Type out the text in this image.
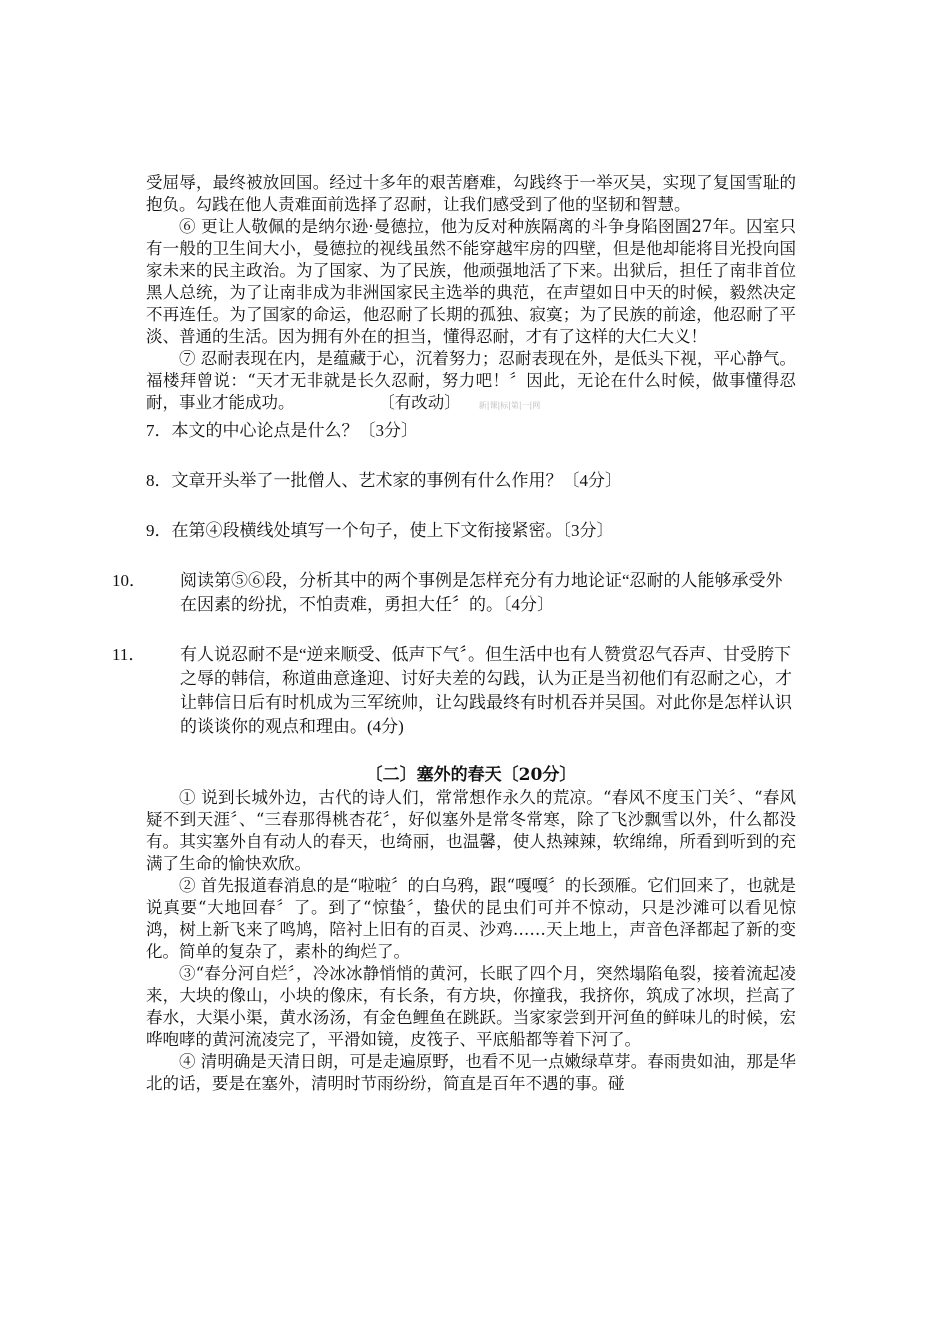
受屈辱，最终被放回国。经过十多年的艰苦磨难，勾践终于一举灭吴，实现了复国雪耻的抱负。勾践在他人责难面前选择了忍耐，让我们感受到了他的坚韧和智慧。

⑥ 更让人敬佩的是纳尔逊·曼德拉，他为反对种族隔离的斗争身陷囹圄27年。囚室只有一般的卫生间大小，曼德拉的视线虽然不能穿越牢房的四壁，但是他却能将目光投向国家未来的民主政治。为了国家、为了民族，他顽强地活了下来。出狱后，担任了南非首位黑人总统，为了让南非成为非洲国家民主选举的典范，在声望如日中天的时候，毅然决定不再连任。为了国家的命运，他忍耐了长期的孤独、寂寞；为了民族的前途，他忍耐了平淡、普通的生活。因为拥有外在的担当，懂得忍耐，才有了这样的大仁大义！

⑦ 忍耐表现在内，是蕴藏于心，沉着努力；忍耐表现在外，是低头下视，平心静气。福楼拜曾说：“天才无非就是长久忍耐，努力吧！〞因此，无论在什么时候，做事懂得忍耐，事业才能成功。	〔有改动〕 新|课|标|第|一|网

7．本文的中心论点是什么？〔3分〕

8．文章开头举了一批僧人、艺术家的事例有什么作用？〔4分〕

9．在第④段横线处填写一个句子，使上下文衔接紧密。〔3分〕

10． 阅读第⑤⑥段，分析其中的两个事例是怎样充分有力地论证“忍耐的人能够承受外在因素的纷扰，不怕责难，勇担大任〞的。〔4分〕

11． 有人说忍耐不是“逆来顺受、低声下气〞。但生活中也有人赞赏忍气吞声、甘受胯下之辱的韩信，称道曲意逢迎、讨好夫差的勾践，认为正是当初他们有忍耐之心，才让韩信日后有时机成为三军统帅，让勾践最终有时机吞并吴国。对此你是怎样认识的谈谈你的观点和理由。(4分)

〔二〕塞外的春天〔20分〕

① 说到长城外边，古代的诗人们，常常想作永久的荒凉。“春风不度玉门关〞、“春风疑不到天涯〞、“三春那得桃杏花〞，好似塞外是常冬常寒，除了飞沙飘雪以外，什么都没有。其实塞外自有动人的春天，也绮丽，也温馨，使人热辣辣，软绵绵，所看到听到的充满了生命的愉快欢欣。

② 首先报道春消息的是“啦啦〞的白乌鸦，跟“嘎嘎〞的长颈雁。它们回来了，也就是说真要“大地回春〞了。到了“惊蛰〞，蛰伏的昆虫们可并不惊动，只是沙滩可以看见惊鸿，树上新飞来了鸣鸠，陪衬上旧有的百灵、沙鸡……天上地上，声音色泽都起了新的变化。简单的复杂了，素朴的绚烂了。

③“春分河自烂〞，冷冰冰静悄悄的黄河，长眠了四个月，突然塌陷龟裂，接着流起凌来，大块的像山，小块的像床，有长条，有方块，你撞我，我挤你，筑成了冰坝，拦高了春水，大渠小渠，黄水汤汤，有金色鲤鱼在跳跃。当家家尝到开河鱼的鲜味儿的时候，宏哗咆哮的黄河流凌完了，平滑如镜，皮筏子、平底船都等着下河了。

④ 清明确是天清日朗，可是走遍原野，也看不见一点嫩绿草芽。春雨贵如油，那是华北的话，要是在塞外，清明时节雨纷纷，简直是百年不遇的事。碰
